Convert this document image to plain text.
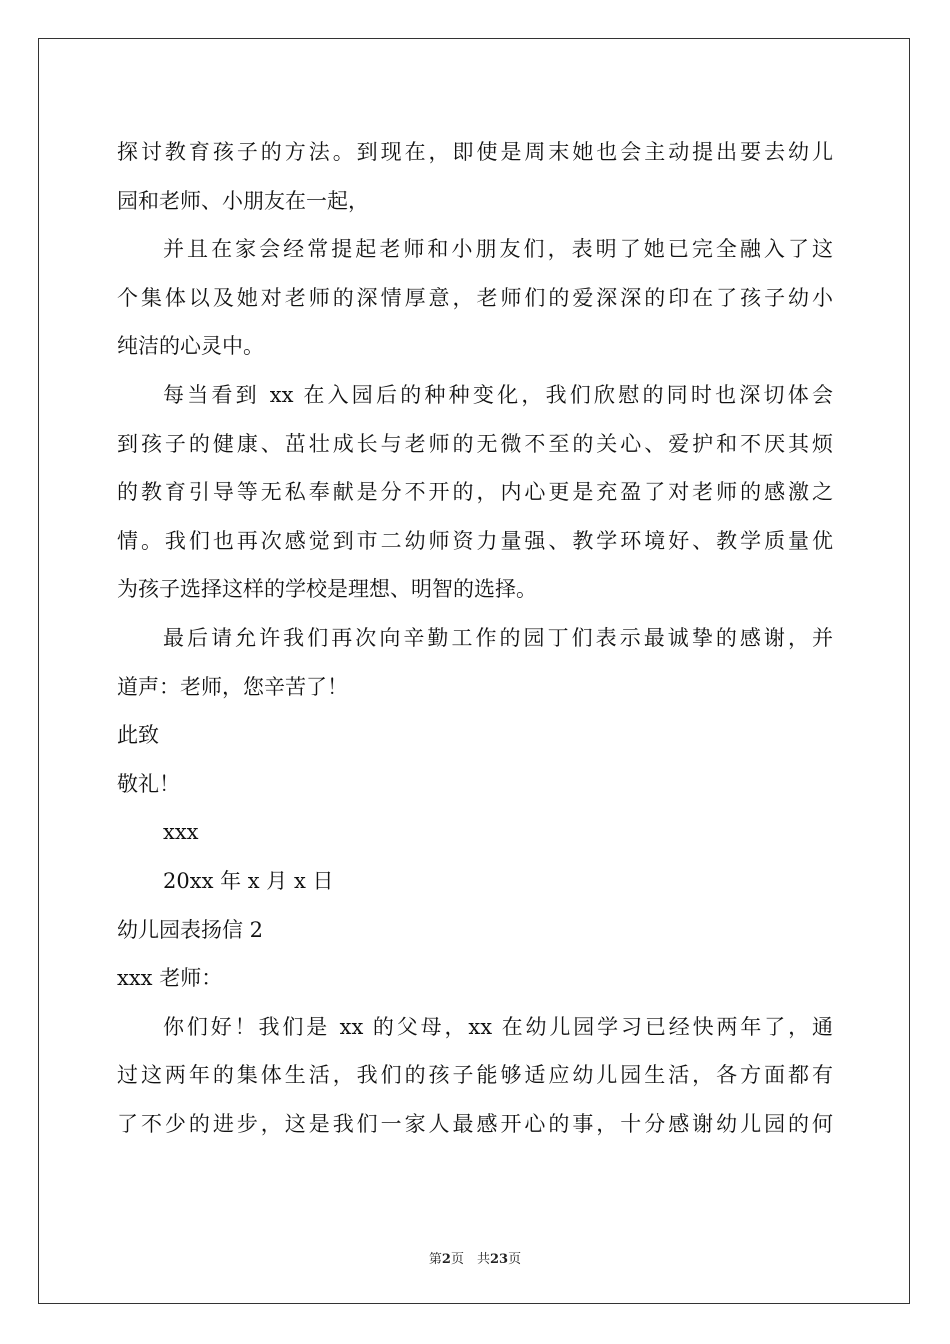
探讨教育孩子的方法。到现在，即使是周末她也会主动提出要去幼儿
园和老师、小朋友在一起，
并且在家会经常提起老师和小朋友们，表明了她已完全融入了这
个集体以及她对老师的深情厚意，老师们的爱深深的印在了孩子幼小
纯洁的心灵中。
每当看到 xx 在入园后的种种变化，我们欣慰的同时也深切体会
到孩子的健康、茁壮成长与老师的无微不至的关心、爱护和不厌其烦
的教育引导等无私奉献是分不开的，内心更是充盈了对老师的感激之
情。我们也再次感觉到市二幼师资力量强、教学环境好、教学质量优
为孩子选择这样的学校是理想、明智的选择。
最后请允许我们再次向辛勤工作的园丁们表示最诚挚的感谢，并
道声：老师，您辛苦了！
此致
敬礼！
xxx
20xx 年 x 月 x 日
幼儿园表扬信 2
xxx 老师：
你们好！我们是 xx 的父母，xx 在幼儿园学习已经快两年了，通
过这两年的集体生活，我们的孩子能够适应幼儿园生活，各方面都有
了不少的进步，这是我们一家人最感开心的事，十分感谢幼儿园的何
第2页　共23页
